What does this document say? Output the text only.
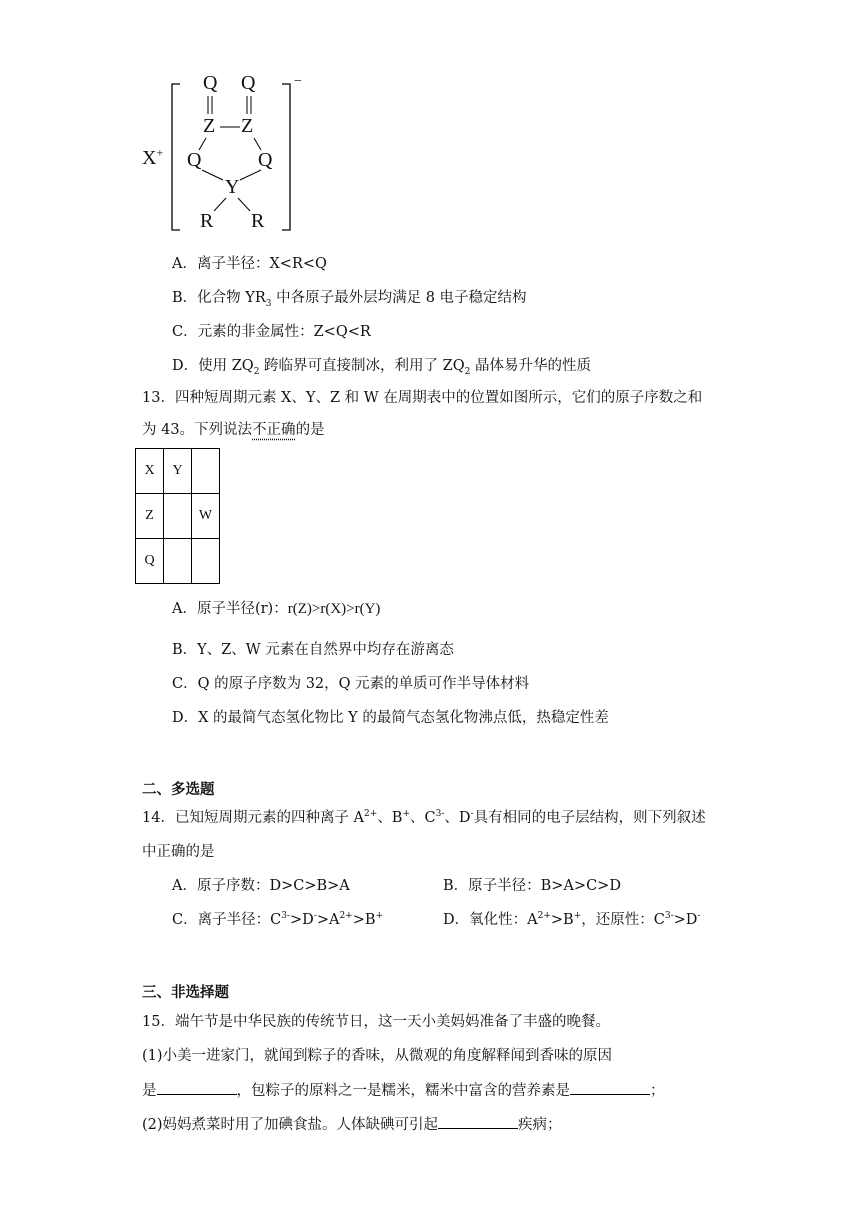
X+
−
Q Q
Z Z
Q	Q
Y
R R
A．离子半径：X<R<Q
B．化合物 $YR_3$ 中各原子最外层均满足 8 电子稳定结构
C．元素的非金属性：Z<Q<R
D．使用 $ZQ_2$ 跨临界可直接制冰，利用了 $ZQ_2$ 晶体易升华的性质
13．四种短周期元素 X、Y、Z 和 W 在周期表中的位置如图所示，它们的原子序数之和
为 43。下列说法不正确的是
X	Y	
Z		W
Q		
A．原子半径(r)：r(Z)>r(X)>r(Y)
B．Y、Z、W 元素在自然界中均存在游离态
C．Q 的原子序数为 32，Q 元素的单质可作半导体材料
D．X 的最简气态氢化物比 Y 的最简气态氢化物沸点低，热稳定性差
二、多选题
14．已知短周期元素的四种离子 $A^{2+}$、B+、$C^{3-}$、D-具有相同的电子层结构，则下列叙述
中正确的是
A．原子序数：D>C>B>A	B．原子半径：B>A>C>D
C．离子半径：$C^{3-}>D^->A^{2+}>B^+$	D．氧化性：$A^{2+}>B^+$，还原性：$C^{3-}>D^-$
三、非选择题
15．端午节是中华民族的传统节日，这一天小美妈妈准备了丰盛的晚餐。
(1)小美一进家门，就闻到粽子的香味，从微观的角度解释闻到香味的原因
是	，包粽子的原料之一是糯米，糯米中富含的营养素是	；
(2)妈妈煮菜时用了加碘食盐。人体缺碘可引起	疾病；
